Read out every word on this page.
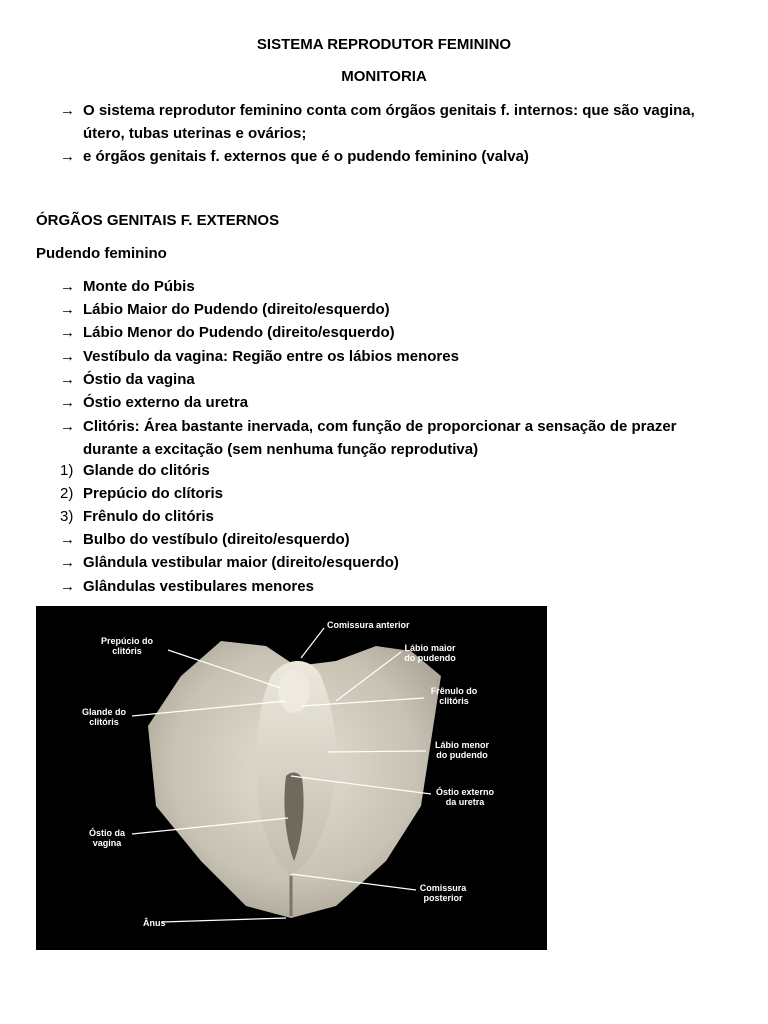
SISTEMA REPRODUTOR FEMININO
MONITORIA
→ O sistema reprodutor feminino conta com órgãos genitais f. internos: que são vagina,
útero, tubas uterinas e ovários;
→ e órgãos genitais f. externos que é o pudendo feminino (valva)
ÓRGÃOS GENITAIS F. EXTERNOS
Pudendo feminino
→ Monte do Púbis
→ Lábio Maior do Pudendo (direito/esquerdo)
→ Lábio Menor do Pudendo (direito/esquerdo)
→ Vestíbulo da vagina: Região entre os lábios menores
→ Óstio da vagina
→ Óstio externo da uretra
→ Clitóris: Área bastante inervada, com função de proporcionar a sensação de prazer
durante a excitação (sem nenhuma função reprodutiva)
1) Glande do clitóris
2) Prepúcio do clítoris
3) Frênulo do clitóris
→ Bulbo do vestíbulo (direito/esquerdo)
→ Glândula vestibular maior (direito/esquerdo)
→ Glândulas vestibulares menores
Comissura anterior
Prepúcio do
clitóris	Lábio maior
do pudendo
Frênulo do
clitóris
Glande do
clitóris
Lábio menor
do pudendo
Óstio externo
da uretra
Óstio da
vagina
Comissura
posterior
Ânus
